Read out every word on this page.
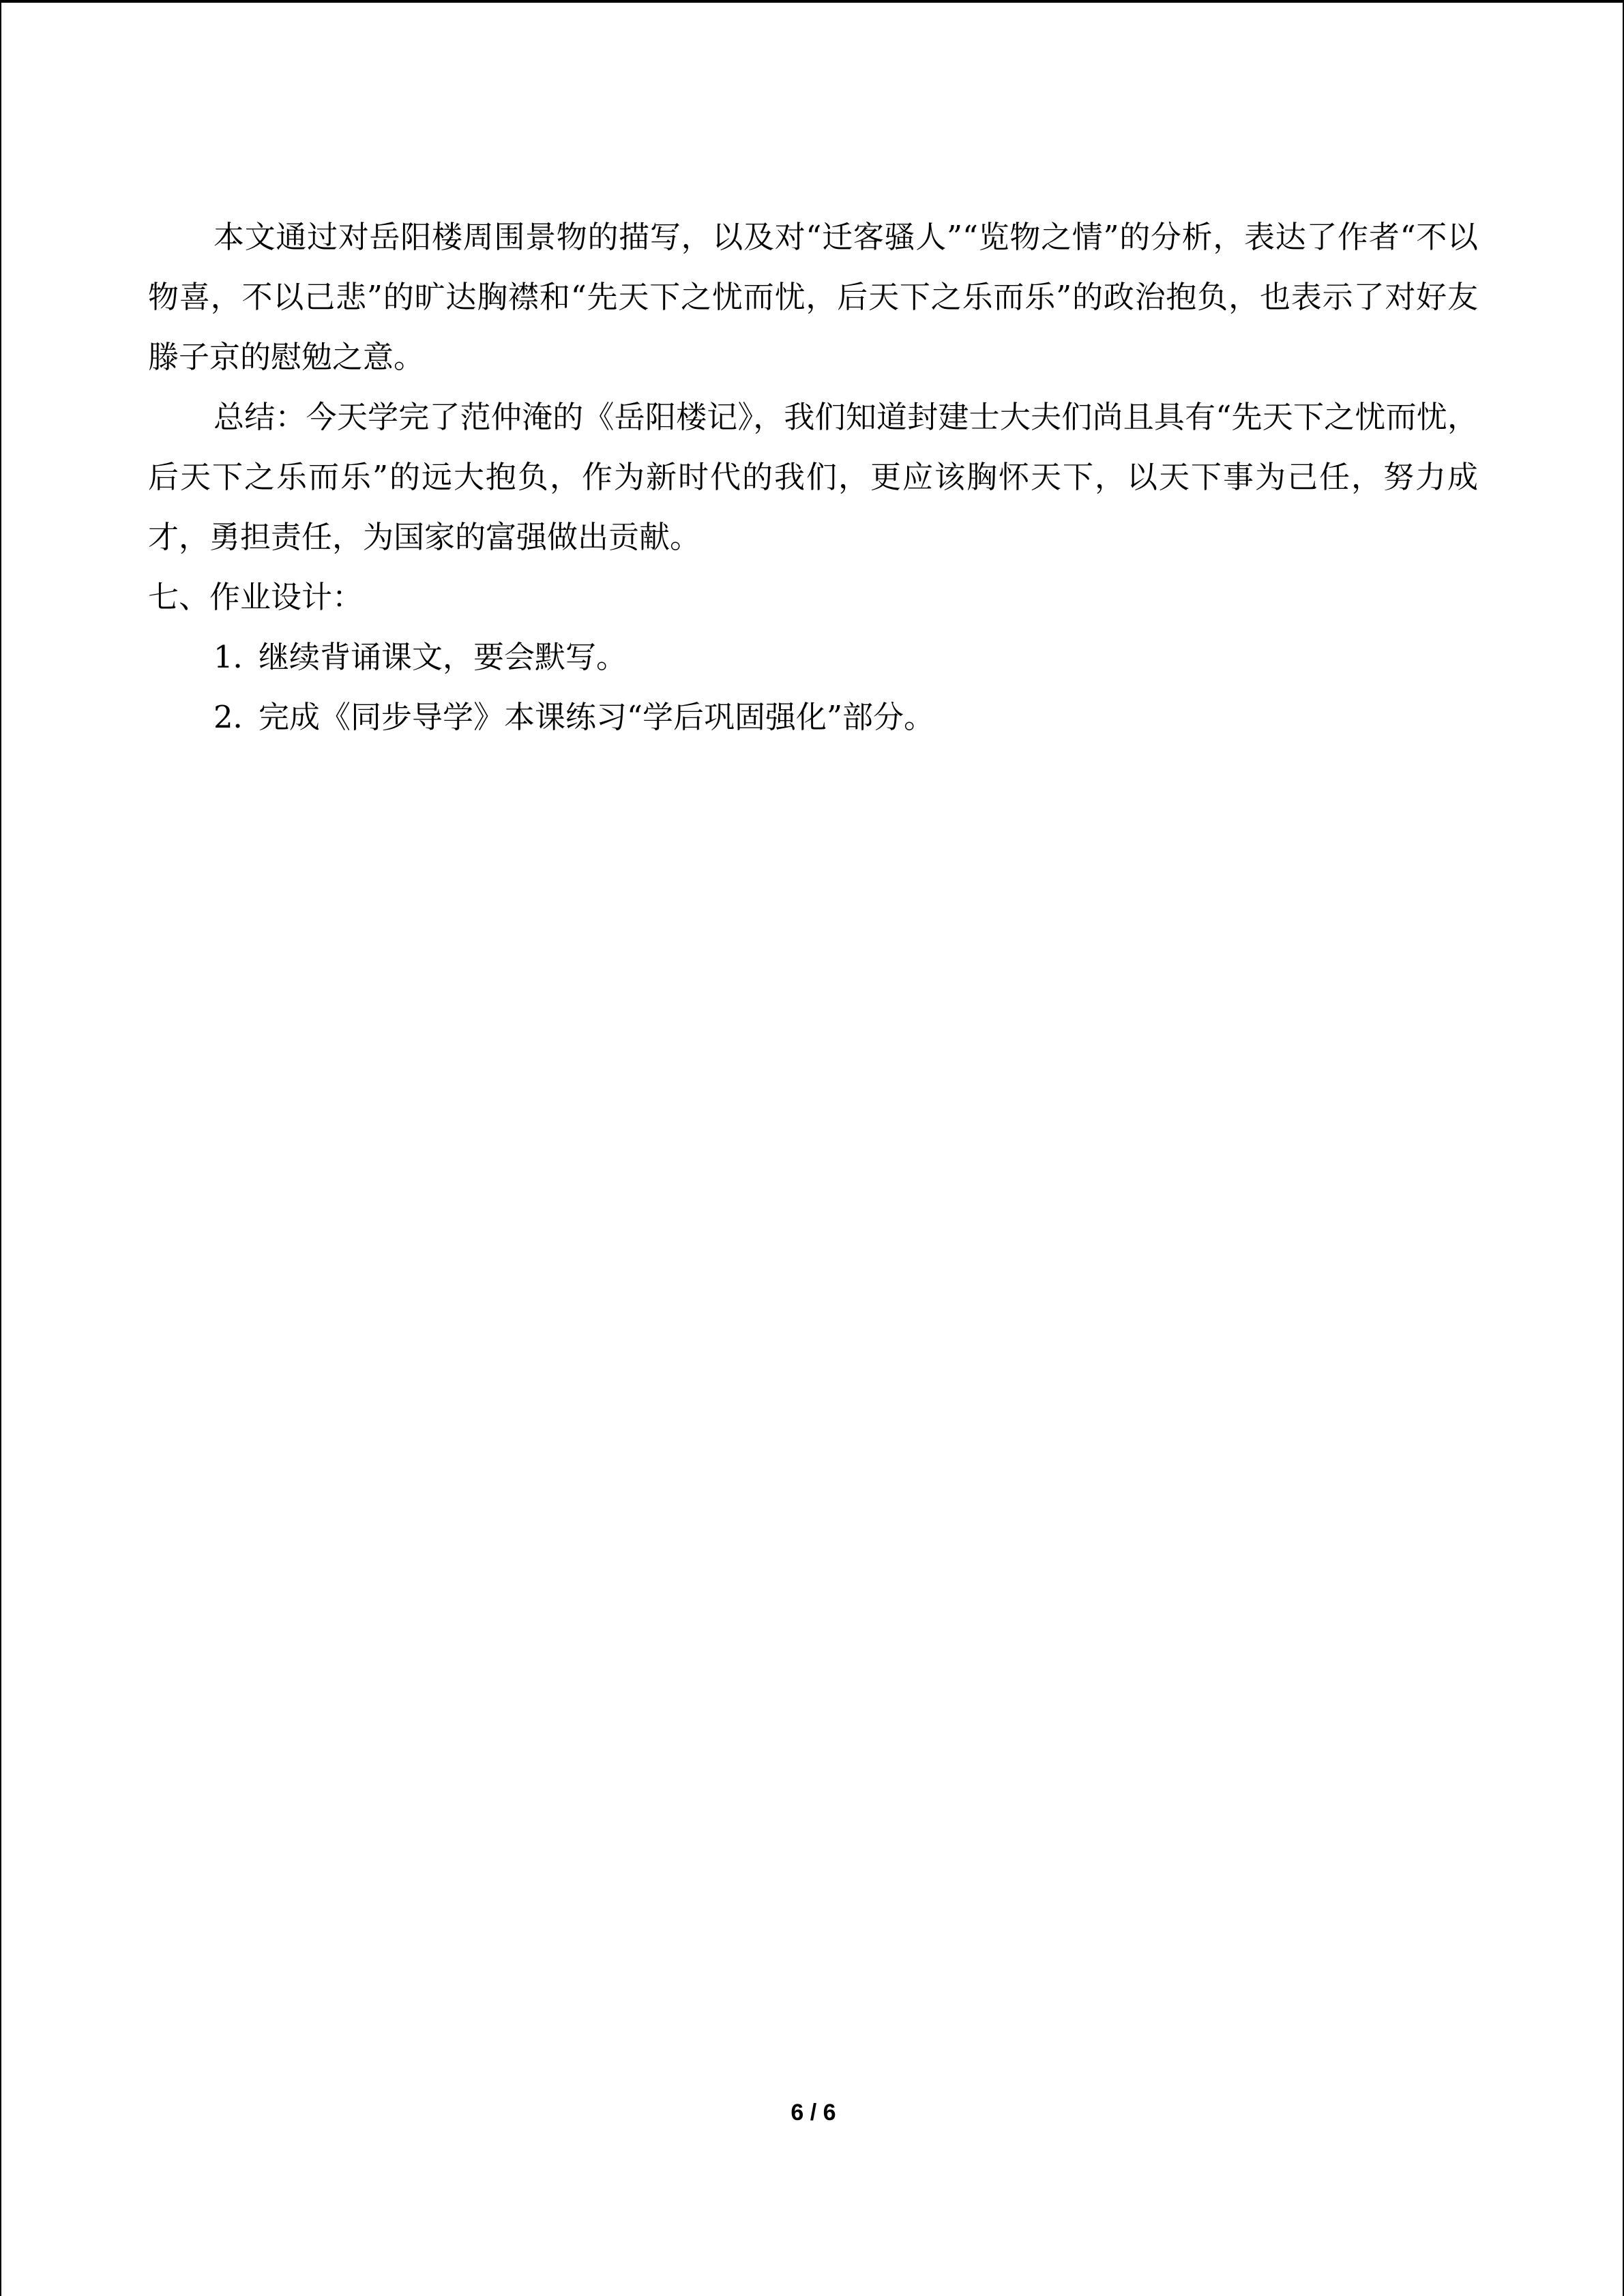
本文通过对岳阳楼周围景物的描写，以及对“迁客骚人”“览物之情”的分析，表达了作者“不以物喜，不以己悲”的旷达胸襟和“先天下之忧而忧，后天下之乐而乐”的政治抱负，也表示了对好友滕子京的慰勉之意。

总结：今天学完了范仲淹的《岳阳楼记》，我们知道封建士大夫们尚且具有“先天下之忧而忧，后天下之乐而乐”的远大抱负，作为新时代的我们，更应该胸怀天下，以天下事为己任，努力成才，勇担责任，为国家的富强做出贡献。

七、作业设计：

1．继续背诵课文，要会默写。

2．完成《同步导学》本课练习“学后巩固强化”部分。

6 / 6
